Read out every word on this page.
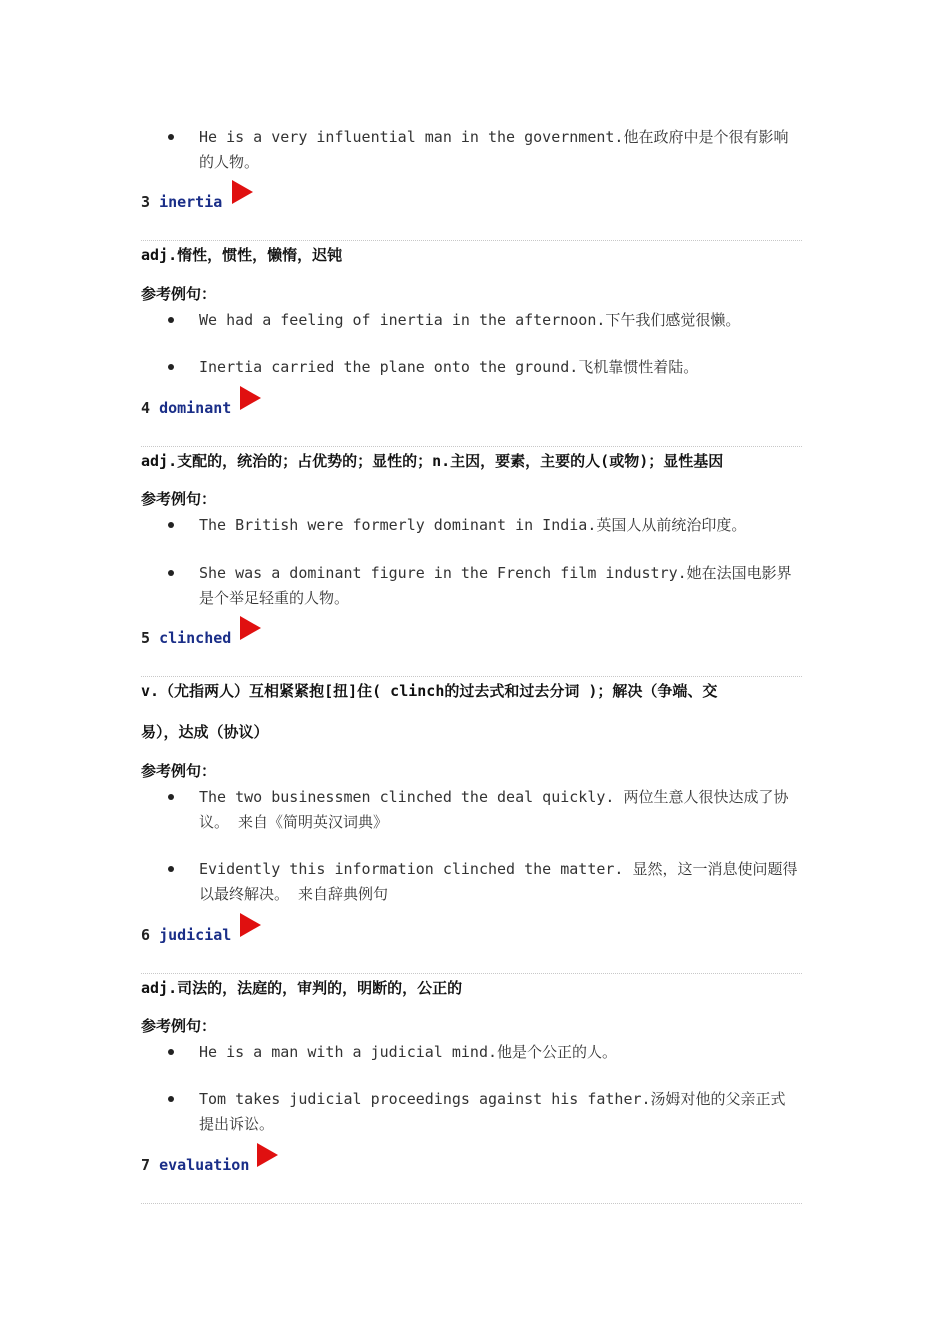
He is a very influential man in the government.他在政府中是个很有影响的人物。
3 inertia
adj.惰性，惯性，懒惰，迟钝
参考例句：
We had a feeling of inertia in the afternoon.下午我们感觉很懒。
Inertia carried the plane onto the ground.飞机靠惯性着陆。
4 dominant
adj.支配的，统治的；占优势的；显性的；n.主因，要素，主要的人(或物)；显性基因
参考例句：
The British were formerly dominant in India.英国人从前统治印度。
She was a dominant figure in the French film industry.她在法国电影界是个举足轻重的人物。
5 clinched
v.（尤指两人）互相紧紧抱[扭]住( clinch的过去式和过去分词 )；解决（争端、交
易），达成（协议）
参考例句：
The two businessmen clinched the deal quickly. 两位生意人很快达成了协议。 来自《简明英汉词典》
Evidently this information clinched the matter. 显然，这一消息使问题得以最终解决。 来自辞典例句
6 judicial
adj.司法的，法庭的，审判的，明断的，公正的
参考例句：
He is a man with a judicial mind.他是个公正的人。
Tom takes judicial proceedings against his father.汤姆对他的父亲正式提出诉讼。
7 evaluation
